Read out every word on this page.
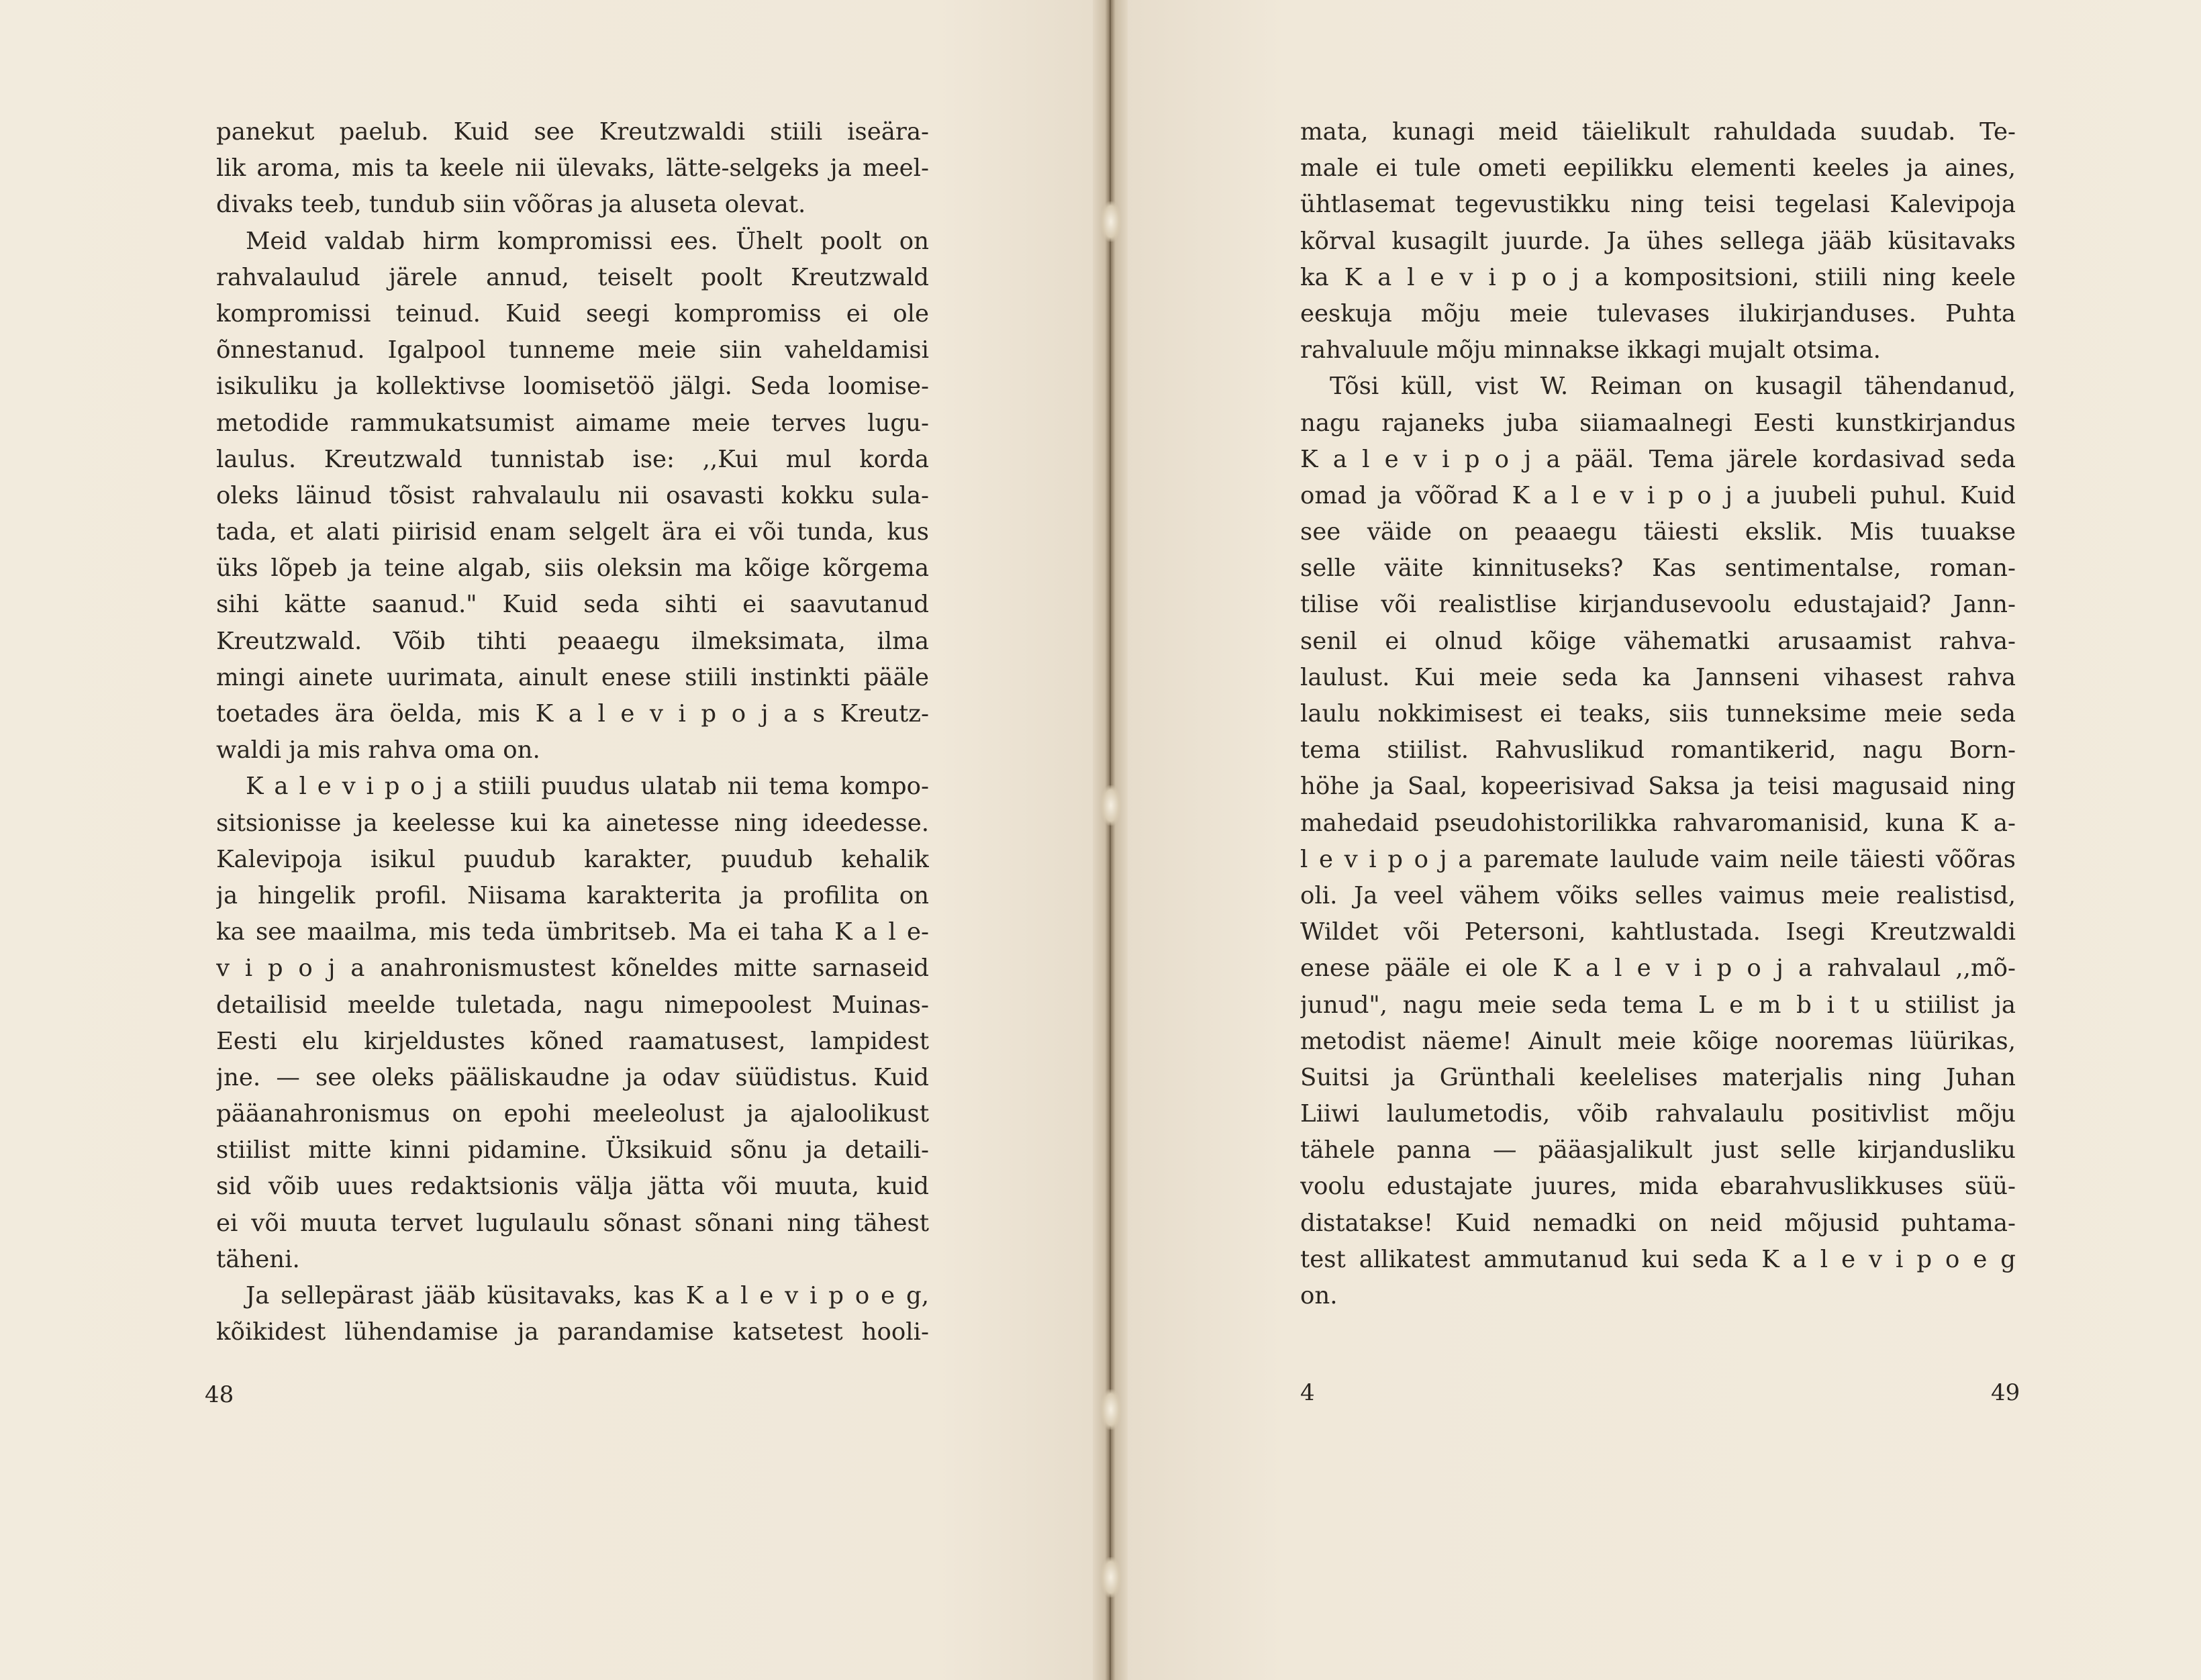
panekut paelub. Kuid see Kreutzwaldi stiili iseära-
lik aroma, mis ta keele nii ülevaks, lätte-selgeks ja meel-
divaks teeb, tundub siin võõras ja aluseta olevat.
Meid valdab hirm kompromissi ees. Ühelt poolt on
rahvalaulud järele annud, teiselt poolt Kreutzwald
kompromissi teinud. Kuid seegi kompromiss ei ole
õnnestanud. Igalpool tunneme meie siin vaheldamisi
isikuliku ja kollektivse loomisetöö jälgi. Seda loomise-
metodide rammukatsumist aimame meie terves lugu-
laulus. Kreutzwald tunnistab ise: ,,Kui mul korda
oleks läinud tõsist rahvalaulu nii osavasti kokku sula-
tada, et alati piirisid enam selgelt ära ei või tunda, kus
üks lõpeb ja teine algab, siis oleksin ma kõige kõrgema
sihi kätte saanud." Kuid seda sihti ei saavutanud
Kreutzwald. Võib tihti peaaegu ilmeksimata, ilma
mingi ainete uurimata, ainult enese stiili instinkti pääle
toetades ära öelda, mis K a l e v i p o j a s Kreutz-
waldi ja mis rahva oma on.
K a l e v i p o j a stiili puudus ulatab nii tema kompo-
sitsionisse ja keelesse kui ka ainetesse ning ideedesse.
Kalevipoja isikul puudub karakter, puudub kehalik
ja hingelik profil. Niisama karakterita ja profilita on
ka see maailma, mis teda ümbritseb. Ma ei taha K a l e-
v i p o j a anahronismustest kõneldes mitte sarnaseid
detailisid meelde tuletada, nagu nimepoolest Muinas-
Eesti elu kirjeldustes kõned raamatusest, lampidest
jne. — see oleks pääliskaudne ja odav süüdistus. Kuid
pääanahronismus on epohi meeleolust ja ajaloolikust
stiilist mitte kinni pidamine. Üksikuid sõnu ja detaili-
sid võib uues redaktsionis välja jätta või muuta, kuid
ei või muuta tervet lugulaulu sõnast sõnani ning tähest
täheni.
Ja sellepärast jääb küsitavaks, kas K a l e v i p o e g,
kõikidest lühendamise ja parandamise katsetest hooli-
mata, kunagi meid täielikult rahuldada suudab. Te-
male ei tule ometi eepilikku elementi keeles ja aines,
ühtlasemat tegevustikku ning teisi tegelasi Kalevipoja
kõrval kusagilt juurde. Ja ühes sellega jääb küsitavaks
ka K a l e v i p o j a kompositsioni, stiili ning keele
eeskuja mõju meie tulevases ilukirjanduses. Puhta
rahvaluule mõju minnakse ikkagi mujalt otsima.
Tõsi küll, vist W. Reiman on kusagil tähendanud,
nagu rajaneks juba siiamaalnegi Eesti kunstkirjandus
K a l e v i p o j a pääl. Tema järele kordasivad seda
omad ja võõrad K a l e v i p o j a juubeli puhul. Kuid
see väide on peaaegu täiesti ekslik. Mis tuuakse
selle väite kinnituseks? Kas sentimentalse, roman-
tilise või realistlise kirjandusevoolu edustajaid? Jann-
senil ei olnud kõige vähematki arusaamist rahva-
laulust. Kui meie seda ka Jannseni vihasest rahva
laulu nokkimisest ei teaks, siis tunneksime meie seda
tema stiilist. Rahvuslikud romantikerid, nagu Born-
höhe ja Saal, kopeerisivad Saksa ja teisi magusaid ning
mahedaid pseudohistorilikka rahvaromanisid, kuna K a-
l e v i p o j a paremate laulude vaim neile täiesti võõras
oli. Ja veel vähem võiks selles vaimus meie realistisd,
Wildet või Petersoni, kahtlustada. Isegi Kreutzwaldi
enese pääle ei ole K a l e v i p o j a rahvalaul ,,mõ-
junud", nagu meie seda tema L e m b i t u stiilist ja
metodist näeme! Ainult meie kõige nooremas lüürikas,
Suitsi ja Grünthali keelelises materjalis ning Juhan
Liiwi laulumetodis, võib rahvalaulu positivlist mõju
tähele panna — pääasjalikult just selle kirjandusliku
voolu edustajate juures, mida ebarahvuslikkuses süü-
distatakse! Kuid nemadki on neid mõjusid puhtama-
test allikatest ammutanud kui seda K a l e v i p o e g
on.
48	4	49
